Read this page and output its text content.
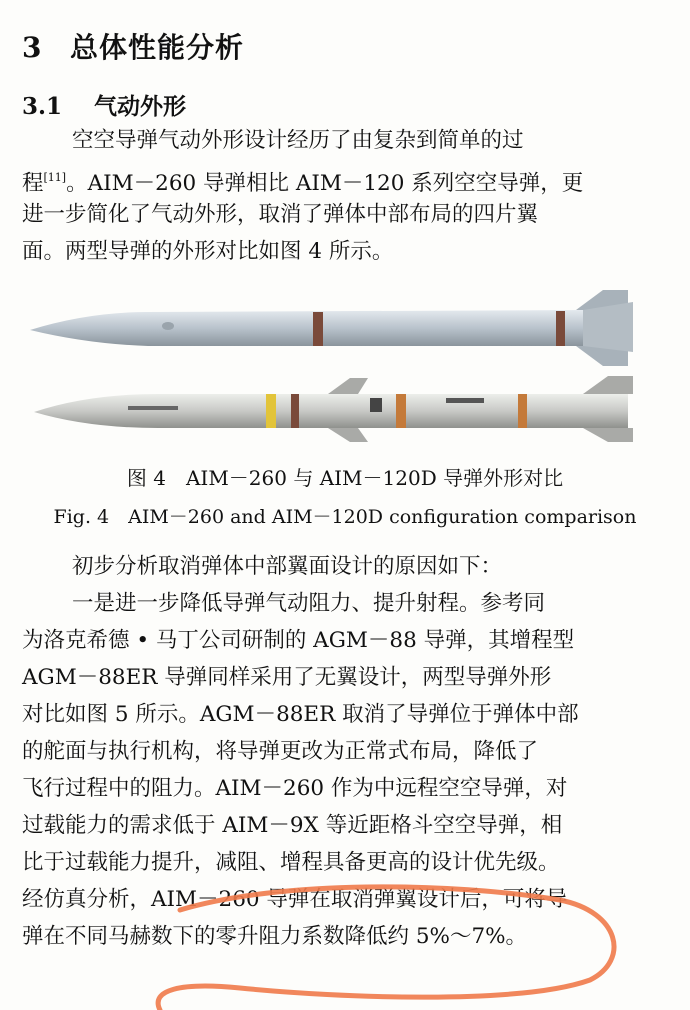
3 总体性能分析
3.1 气动外形
空空导弹气动外形设计经历了由复杂到简单的过
程[11]。AIM－260 导弹相比 AIM－120 系列空空导弹，更
进一步简化了气动外形，取消了弹体中部布局的四片翼
面。两型导弹的外形对比如图 4 所示。
图 4　AIM－260 与 AIM－120D 导弹外形对比
Fig. 4　AIM－260 and AIM－120D configuration comparison
初步分析取消弹体中部翼面设计的原因如下：
一是进一步降低导弹气动阻力、提升射程。参考同
为洛克希德 • 马丁公司研制的 AGM－88 导弹，其增程型
AGM－88ER 导弹同样采用了无翼设计，两型导弹外形
对比如图 5 所示。AGM－88ER 取消了导弹位于弹体中部
的舵面与执行机构，将导弹更改为正常式布局，降低了
飞行过程中的阻力。AIM－260 作为中远程空空导弹，对
过载能力的需求低于 AIM－9X 等近距格斗空空导弹，相
比于过载能力提升，减阻、增程具备更高的设计优先级。
经仿真分析，AIM－260 导弹在取消弹翼设计后，可将导
弹在不同马赫数下的零升阻力系数降低约 5%～7%。
